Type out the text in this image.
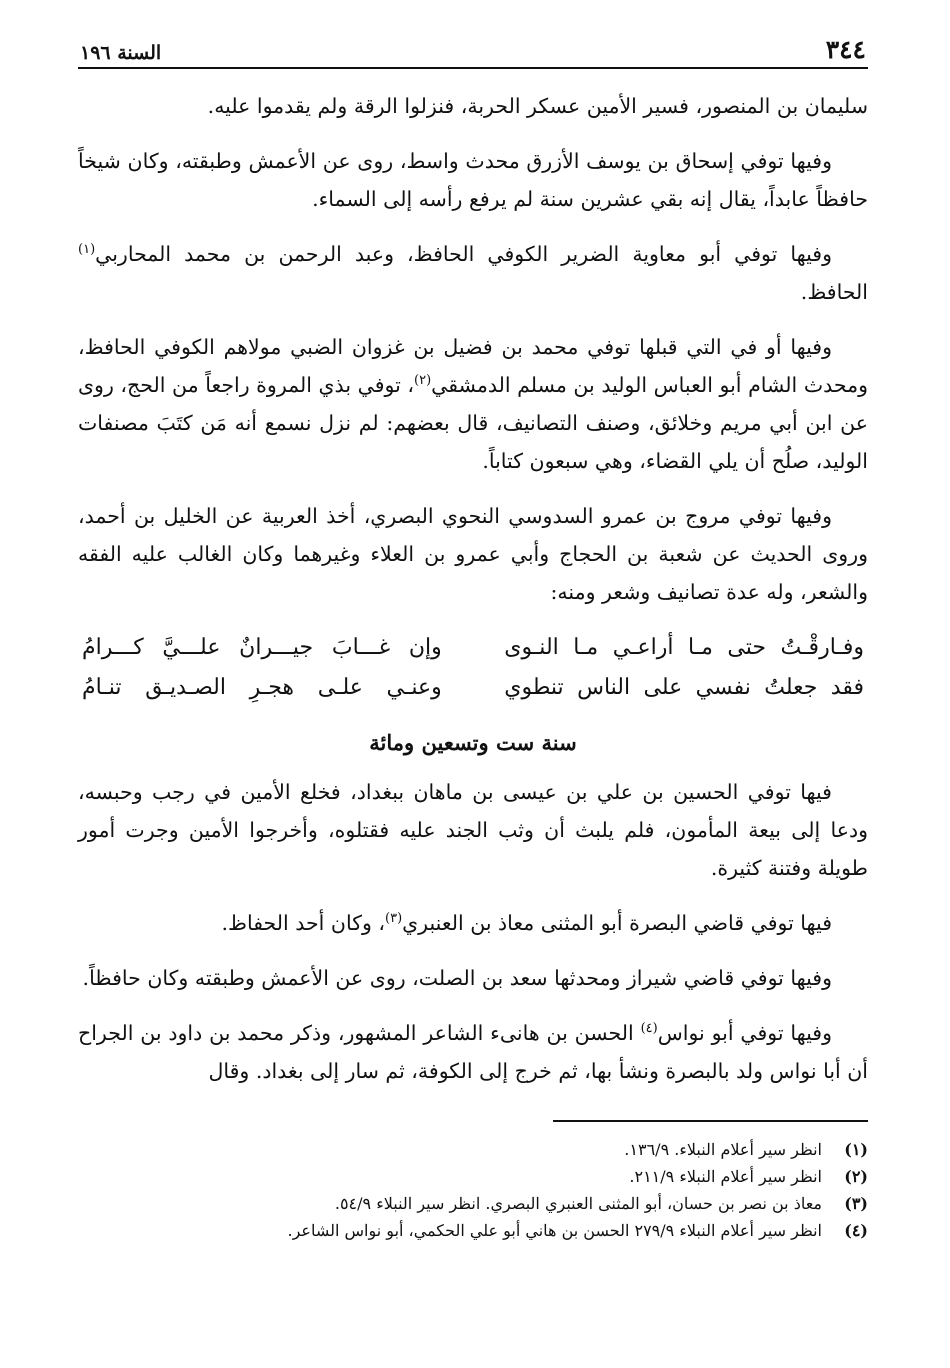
٣٤٤
السنة ١٩٦

سليمان بن المنصور، فسير الأمين عسكر الحربة، فنزلوا الرقة ولم يقدموا عليه.

وفيها توفي إسحاق بن يوسف الأزرق محدث واسط، روى عن الأعمش وطبقته، وكان شيخاً حافظاً عابداً، يقال إنه بقي عشرين سنة لم يرفع رأسه إلى السماء.

وفيها توفي أبو معاوية الضرير الكوفي الحافظ، وعبد الرحمن بن محمد المحاربي$^{(١)}$ الحافظ.

وفيها أو في التي قبلها توفي محمد بن فضيل بن غزوان الضبي مولاهم الكوفي الحافظ، ومحدث الشام أبو العباس الوليد بن مسلم الدمشقي$^{(٢)}$، توفي بذي المروة راجعاً من الحج، روى عن ابن أبي مريم وخلائق، وصنف التصانيف، قال بعضهم: لم نزل نسمع أنه مَن كتَبَ مصنفات الوليد، صلُح أن يلي القضاء، وهي سبعون كتاباً.

وفيها توفي مروج بن عمرو السدوسي النحوي البصري، أخذ العربية عن الخليل بن أحمد، وروى الحديث عن شعبة بن الحجاج وأبي عمرو بن العلاء وغيرهما وكان الغالب عليه الفقه والشعر، وله عدة تصانيف وشعر ومنه:

وفـارقْـتُ حتى مـا أراعـي مـا النـوى
وإن غـــابَ جيـــرانٌ علـــيَّ كـــرامُ
فقد جعلتُ نفسي على الناس تنطوي
وعنـي علـى هجـرِ الصـديـق تنـامُ
سنة ست وتسعين ومائة

فيها توفي الحسين بن علي بن عيسى بن ماهان ببغداد، فخلع الأمين في رجب وحبسه، ودعا إلى بيعة المأمون، فلم يلبث أن وثب الجند عليه فقتلوه، وأخرجوا الأمين وجرت أمور طويلة وفتنة كثيرة.

فيها توفي قاضي البصرة أبو المثنى معاذ بن العنبري$^{(٣)}$، وكان أحد الحفاظ.

وفيها توفي قاضي شيراز ومحدثها سعد بن الصلت، روى عن الأعمش وطبقته وكان حافظاً.

وفيها توفي أبو نواس$^{(٤)}$ الحسن بن هانىء الشاعر المشهور، وذكر محمد بن داود بن الجراح أن أبا نواس ولد بالبصرة ونشأ بها، ثم خرج إلى الكوفة، ثم سار إلى بغداد. وقال

(١)
انظر سير أعلام النبلاء. ١٣٦/٩.
(٢)
انظر سير أعلام النبلاء ٢١١/٩.
(٣)
معاذ بن نصر بن حسان، أبو المثنى العنبري البصري. انظر سير النبلاء ٥٤/٩.
(٤)
انظر سير أعلام النبلاء ٢٧٩/٩ الحسن بن هاني أبو علي الحكمي، أبو نواس الشاعر.
